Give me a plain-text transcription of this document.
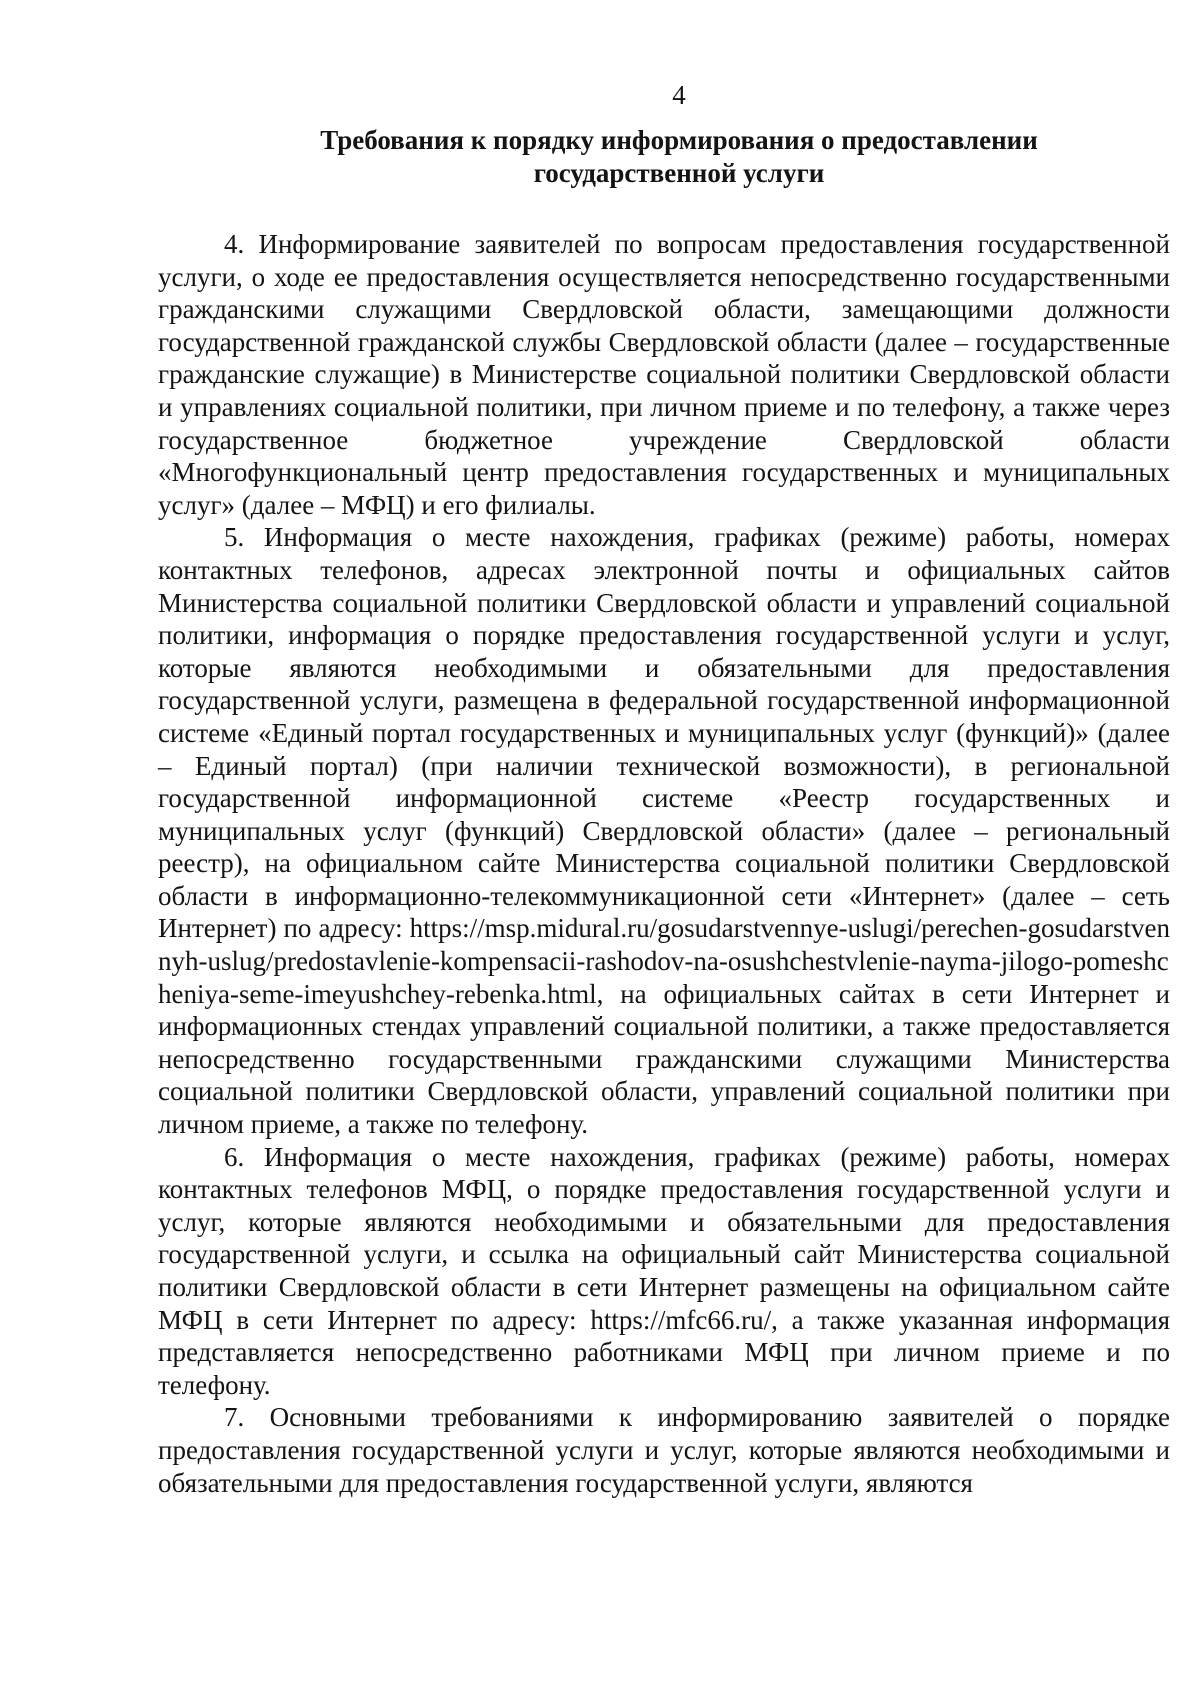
4
Требования к порядку информирования о предоставлении
государственной услуги

4. Информирование заявителей по вопросам предоставления государственной услуги, о ходе ее предоставления осуществляется непосредственно государственными гражданскими служащими Свердловской области, замещающими должности государственной гражданской службы Свердловской области (далее – государственные гражданские служащие) в Министерстве социальной политики Свердловской области и управлениях социальной политики, при личном приеме и по телефону, а также через государственное бюджетное учреждение Свердловской области «Многофункциональный центр предоставления государственных и муниципальных услуг» (далее – МФЦ) и его филиалы.

5. Информация о месте нахождения, графиках (режиме) работы, номерах контактных телефонов, адресах электронной почты и официальных сайтов Министерства социальной политики Свердловской области и управлений социальной политики, информация о порядке предоставления государственной услуги и услуг, которые являются необходимыми и обязательными для предоставления государственной услуги, размещена в федеральной государственной информационной системе «Единый портал государственных и муниципальных услуг (функций)» (далее – Единый портал) (при наличии технической возможности), в региональной государственной информационной системе «Реестр государственных и муниципальных услуг (функций) Свердловской области» (далее – региональный реестр), на официальном сайте Министерства социальной политики Свердловской области в информационно-телекоммуникационной сети «Интернет» (далее – сеть Интернет) по адресу: https://msp.midural.ru/gosudarstvennye-uslugi/perechen-gosudarstvennyh-uslug/predostavlenie-kompensacii-rashodov-na-osushchestvlenie-nayma-jilogo-pomeshcheniya-seme-imeyushchey-rebenka.html, на официальных сайтах в сети Интернет и информационных стендах управлений социальной политики, а также предоставляется непосредственно государственными гражданскими служащими Министерства социальной политики Свердловской области, управлений социальной политики при личном приеме, а также по телефону.

6. Информация о месте нахождения, графиках (режиме) работы, номерах контактных телефонов МФЦ, о порядке предоставления государственной услуги и услуг, которые являются необходимыми и обязательными для предоставления государственной услуги, и ссылка на официальный сайт Министерства социальной политики Свердловской области в сети Интернет размещены на официальном сайте МФЦ в сети Интернет по адресу: https://mfc66.ru/, а также указанная информация представляется непосредственно работниками МФЦ при личном приеме и по телефону.

7. Основными требованиями к информированию заявителей о порядке предоставления государственной услуги и услуг, которые являются необходимыми и обязательными для предоставления государственной услуги, являются
